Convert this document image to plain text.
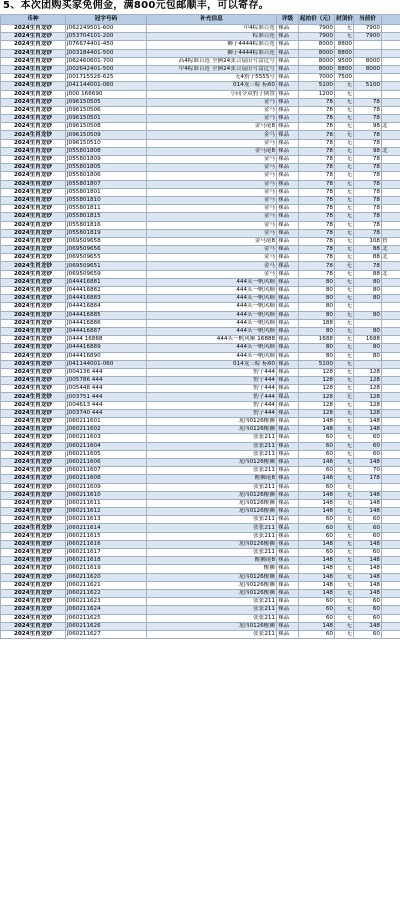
5、本次团购买家免佣金，满800元包邮顺丰，可以寄存。
币种	冠字号码	补充信息	评级	起拍价（元）	封顶价	当前价	
2024生肖龙钞	J062249501-600	中4粽准百连	裸品	7900	无	7900	
2024生肖龙钞	J053704101-200	粽准百连	裸品	7900	无	7900	
2024生肖龙钞	J076674401-450	狮子4444粽准百连	裸品	8000	8800		
2024生肖龙钞	J003184401-500	狮子4444粽准百连	裸品	8000	8800		
2024生肖龙钞	J062460601-700	高4粽准百连 全俩24张合扇旧号雷比号	裸品	8000	9500	8000	
2024生肖龙钞	J002642401-500	中4粽准百连 全俩24张合扇旧号雷比号	裸品	8000	8800	8000	
2024生肖龙钞	J001715526-625	无4豹子5555号	裸品	7000	7500		
2024生肖龙钞	J041144001-060	014龙三粽 标60	裸品	5100	无	5100	
2024生肖龙钞	J000 166690	小同令双豹子倒置	裸品	1200	无		
2024生肖龙钞	J096150505	金马	裸品	78	无	78	
2024生肖龙钞	J096150506	金马	裸品	78	无	78	
2024生肖龙钞	J096150501	金马	裸品	78	无	78	
2024生肖龙钞	J096150508	金马尾8	裸品	78	无	98	北
2024生肖龙钞	J096150509	金马	裸品	78	无	78	
2024生肖龙钞	J096150510	金马	裸品	78	无	78	
2024生肖龙钞	J055801808	金马尾8	裸品	78	无	98	北
2024生肖龙钞	J055801809	金马	裸品	78	无	78	
2024生肖龙钞	J055801805	金马	裸品	78	无	78	
2024生肖龙钞	J055801806	金马	裸品	78	无	78	
2024生肖龙钞	J055801807	金马	裸品	78	无	78	
2024生肖龙钞	J055801801	金马	裸品	78	无	78	
2024生肖龙钞	J055801810	金马	裸品	78	无	78	
2024生肖龙钞	J055801811	金马	裸品	78	无	78	
2024生肖龙钞	J055801815	金马	裸品	78	无	78	
2024生肖龙钞	J055801816	金马	裸品	78	无	78	
2024生肖龙钞	J055801819	金马	裸品	78	无	78	
2024生肖龙钞	J069509658	金马尾8	裸品	78	无	108	智
2024生肖龙钞	J069509656	金马	裸品	78	无	88	北
2024生肖龙钞	J069509655	金马	裸品	78	无	88	北
2024生肖龙钞	J069509651	金马	裸品	78	无	78	
2024生肖龙钞	J069509659	金马	裸品	78	无	88	北
2024生肖龙钞	J044416881	444头一帆风顺	裸品	80	无	80	
2024生肖龙钞	J044416882	444头一帆风顺	裸品	80	无	80	
2024生肖龙钞	J044416883	444头一帆风顺	裸品	80	无	80	
2024生肖龙钞	J044416884	444头一帆风顺	裸品	80	无		
2024生肖龙钞	J044416885	444头一帆风顺	裸品	80	无	80	
2024生肖龙钞	J044416886	444头一帆风顺	裸品	188	无		
2024生肖龙钞	J044416887	444头一帆风顺	裸品	80	无	80	
2024生肖龙钞	J0444 16888	444头一帆风顺 16888	裸品	1688	无	1688	
2024生肖龙钞	J044416889	444头一帆风顺	裸品	80	无	80	
2024生肖龙钞	J044416890	444头一帆风顺	裸品	80	无	80	
2024生肖龙钞	J041144001-060	014龙三粽 标60	裸品	5100	无		
2024生肖龙钞	J004136 444	豹子444	裸品	128	无	128	
2024生肖龙钞	J005786 444	豹子444	裸品	128	无	128	
2024生肖龙钞	J005448 444	豹子444	裸品	128	无	128	
2024生肖龙钞	J003751 444	豹子444	裸品	128	无	128	
2024生肖龙钞	J004613 444	豹子444	裸品	128	无	128	
2024生肖龙钞	J003740 444	豹子444	裸品	128	无	128	
2024生肖龙钞	J060211601	龙四0126醒狮	裸品	148	无	148	
2024生肖龙钞	J060211602	龙四0126醒狮	裸品	148	无	148	
2024生肖龙钞	J060211603	张张211	裸品	60	无	60	
2024生肖龙钞	J060211604	张张211	裸品	60	无	60	
2024生肖龙钞	J060211605	张张211	裸品	60	无	60	
2024生肖龙钞	J060211606	龙四0126醒狮	裸品	148	无	148	
2024生肖龙钞	J060211607	张张211	裸品	60	无	70	
2024生肖龙钞	J060211608	醒狮尾8	裸品	148	无	178	
2024生肖龙钞	J060211609	张张211	裸品	60	无		
2024生肖龙钞	J060211610	龙四0126醒狮	裸品	148	无	148	
2024生肖龙钞	J060211611	龙四0126醒狮	裸品	148	无	148	
2024生肖龙钞	J060211612	龙四0126醒狮	裸品	148	无	148	
2024生肖龙钞	J060211613	张张211	裸品	60	无	60	
2024生肖龙钞	J060211614	张张211	裸品	60	无	60	
2024生肖龙钞	J060211615	张张211	裸品	60	无	60	
2024生肖龙钞	J060211616	龙四0126醒狮	裸品	148	无	148	
2024生肖龙钞	J060211617	张张211	裸品	60	无	60	
2024生肖龙钞	J060211618	醒狮尾8	裸品	148	无	148	
2024生肖龙钞	J060211619	醒狮	裸品	148	无	148	
2024生肖龙钞	J060211620	龙四0126醒狮	裸品	148	无	148	
2024生肖龙钞	J060211621	龙四0126醒狮	裸品	148	无	148	
2024生肖龙钞	J060211622	龙四0126醒狮	裸品	148	无	148	
2024生肖龙钞	J060211623	张张211	裸品	60	无	60	
2024生肖龙钞	J060211624	张张211	裸品	60	无	60	
2024生肖龙钞	J060211625	张张211	裸品	60	无	60	
2024生肖龙钞	J060211626	龙四0126醒狮	裸品	148	无	148	
2024生肖龙钞	J060211627	张张211	裸品	60	无	60	
